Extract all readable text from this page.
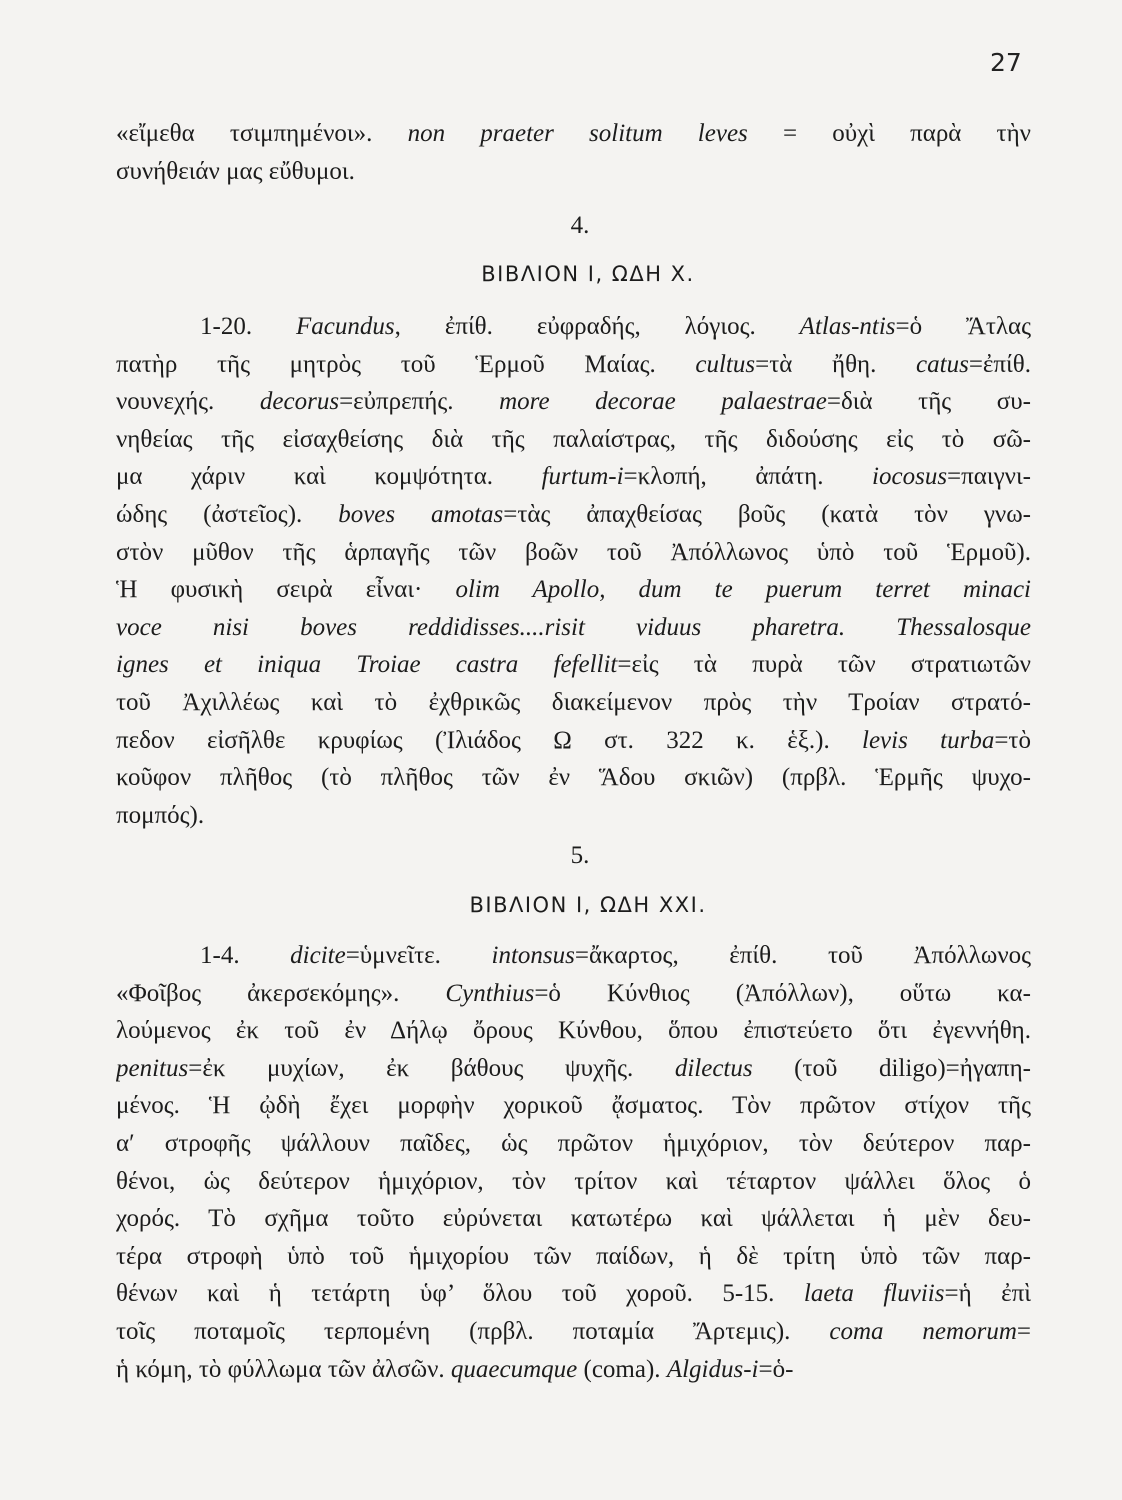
27
«εἴμεθα τσιμπημένοι». non praeter solitum leves = οὐχὶ παρὰ τὴν
συνήθειάν μας εὔθυμοι.
4.
ΒΙΒΛΙΟΝ Ι, ΩΔΗ X.
1-20. Facundus, ἐπίθ. εὐφραδής, λόγιος. Atlas-ntis=ὁ Ἄτλας
πατὴρ τῆς μητρὸς τοῦ Ἑρμοῦ Μαίας. cultus=τὰ ἤθη. catus=ἐπίθ.
νουνεχής. decorus=εὐπρεπής. more decorae palaestrae=διὰ τῆς συ-
νηθείας τῆς εἰσαχθείσης διὰ τῆς παλαίστρας, τῆς διδούσης εἰς τὸ σῶ-
μα χάριν καὶ κομψότητα. furtum-i=κλοπή, ἀπάτη. iocosus=παιγνι-
ώδης (ἀστεῖος). boves amotas=τὰς ἀπαχθείσας βοῦς (κατὰ τὸν γνω-
στὸν μῦθον τῆς ἁρπαγῆς τῶν βοῶν τοῦ Ἀπόλλωνος ὑπὸ τοῦ Ἑρμοῦ).
Ἡ φυσικὴ σειρὰ εἶναι· olim Apollo, dum te puerum terret minaci
voce nisi boves reddidisses....risit viduus pharetra. Thessalosque
ignes et iniqua Troiae castra fefellit=εἰς τὰ πυρὰ τῶν στρατιωτῶν
τοῦ Ἀχιλλέως καὶ τὸ ἐχθρικῶς διακείμενον πρὸς τὴν Τροίαν στρατό-
πεδον εἰσῆλθε κρυφίως (Ἰλιάδος Ω στ. 322 κ. ἑξ.). levis turba=τὸ
κοῦφον πλῆθος (τὸ πλῆθος τῶν ἐν Ἅδου σκιῶν) (πρβλ. Ἑρμῆς ψυχο-
πομπός).
5.
ΒΙΒΛΙΟΝ Ι, ΩΔΗ XXI.
1-4. dicite=ὑμνεῖτε. intonsus=ἄκαρτος, ἐπίθ. τοῦ Ἀπόλλωνος
«Φοῖβος ἀκερσεκόμης». Cynthius=ὁ Κύνθιος (Ἀπόλλων), οὕτω κα-
λούμενος ἐκ τοῦ ἐν Δήλῳ ὄρους Κύνθου, ὅπου ἐπιστεύετο ὅτι ἐγεννήθη.
penitus=ἐκ μυχίων, ἐκ βάθους ψυχῆς. dilectus (τοῦ diligo)=ἠγαπη-
μένος. Ἡ ᾠδὴ ἔχει μορφὴν χορικοῦ ᾄσματος. Τὸν πρῶτον στίχον τῆς
α′ στροφῆς ψάλλουν παῖδες, ὡς πρῶτον ἡμιχόριον, τὸν δεύτερον παρ-
θένοι, ὡς δεύτερον ἡμιχόριον, τὸν τρίτον καὶ τέταρτον ψάλλει ὅλος ὁ
χορός. Τὸ σχῆμα τοῦτο εὐρύνεται κατωτέρω καὶ ψάλλεται ἡ μὲν δευ-
τέρα στροφὴ ὑπὸ τοῦ ἡμιχορίου τῶν παίδων, ἡ δὲ τρίτη ὑπὸ τῶν παρ-
θένων καὶ ἡ τετάρτη ὑφ’ ὅλου τοῦ χοροῦ. 5-15. laeta fluviis=ἡ ἐπὶ
τοῖς ποταμοῖς τερπομένη (πρβλ. ποταμία Ἄρτεμις). coma nemorum=
ἡ κόμη, τὸ φύλλωμα τῶν ἀλσῶν. quaecumque (coma). Algidus-i=ὁ-
